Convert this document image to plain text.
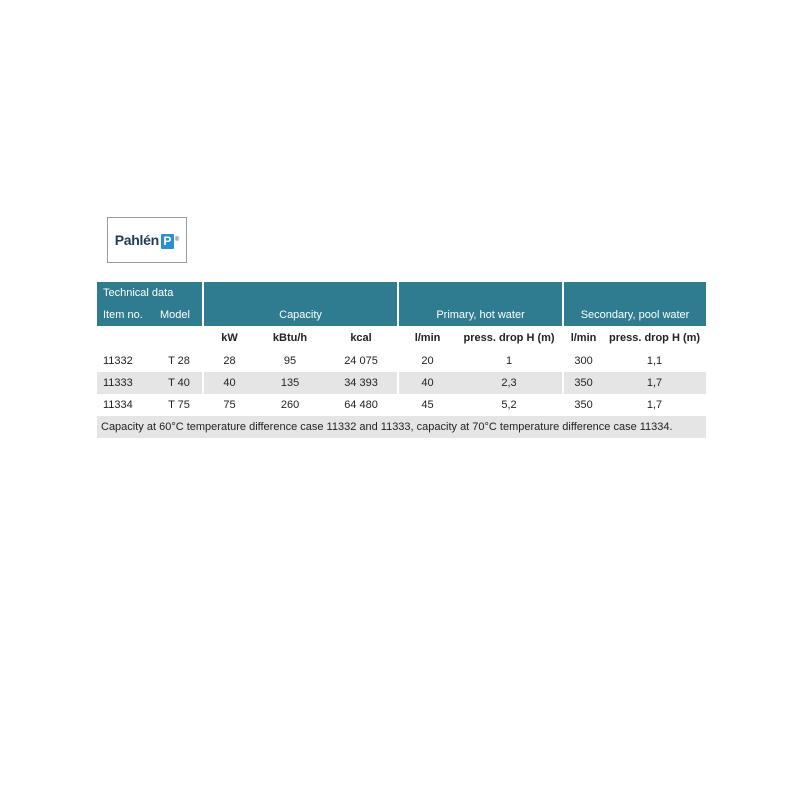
Pahlén P ®
Technical data								
Item no.	Model	Capacity			Primary, hot water		Secondary, pool water	
		kW	kBtu/h	kcal	l/min	press. drop H (m)	l/min	press. drop H (m)
11332	T 28	28	95	24 075	20	1	300	1,1
11333	T 40	40	135	34 393	40	2,3	350	1,7
11334	T 75	75	260	64 480	45	5,2	350	1,7
Capacity at 60°C temperature difference case 11332 and 11333, capacity at 70°C temperature difference case 11334.								
